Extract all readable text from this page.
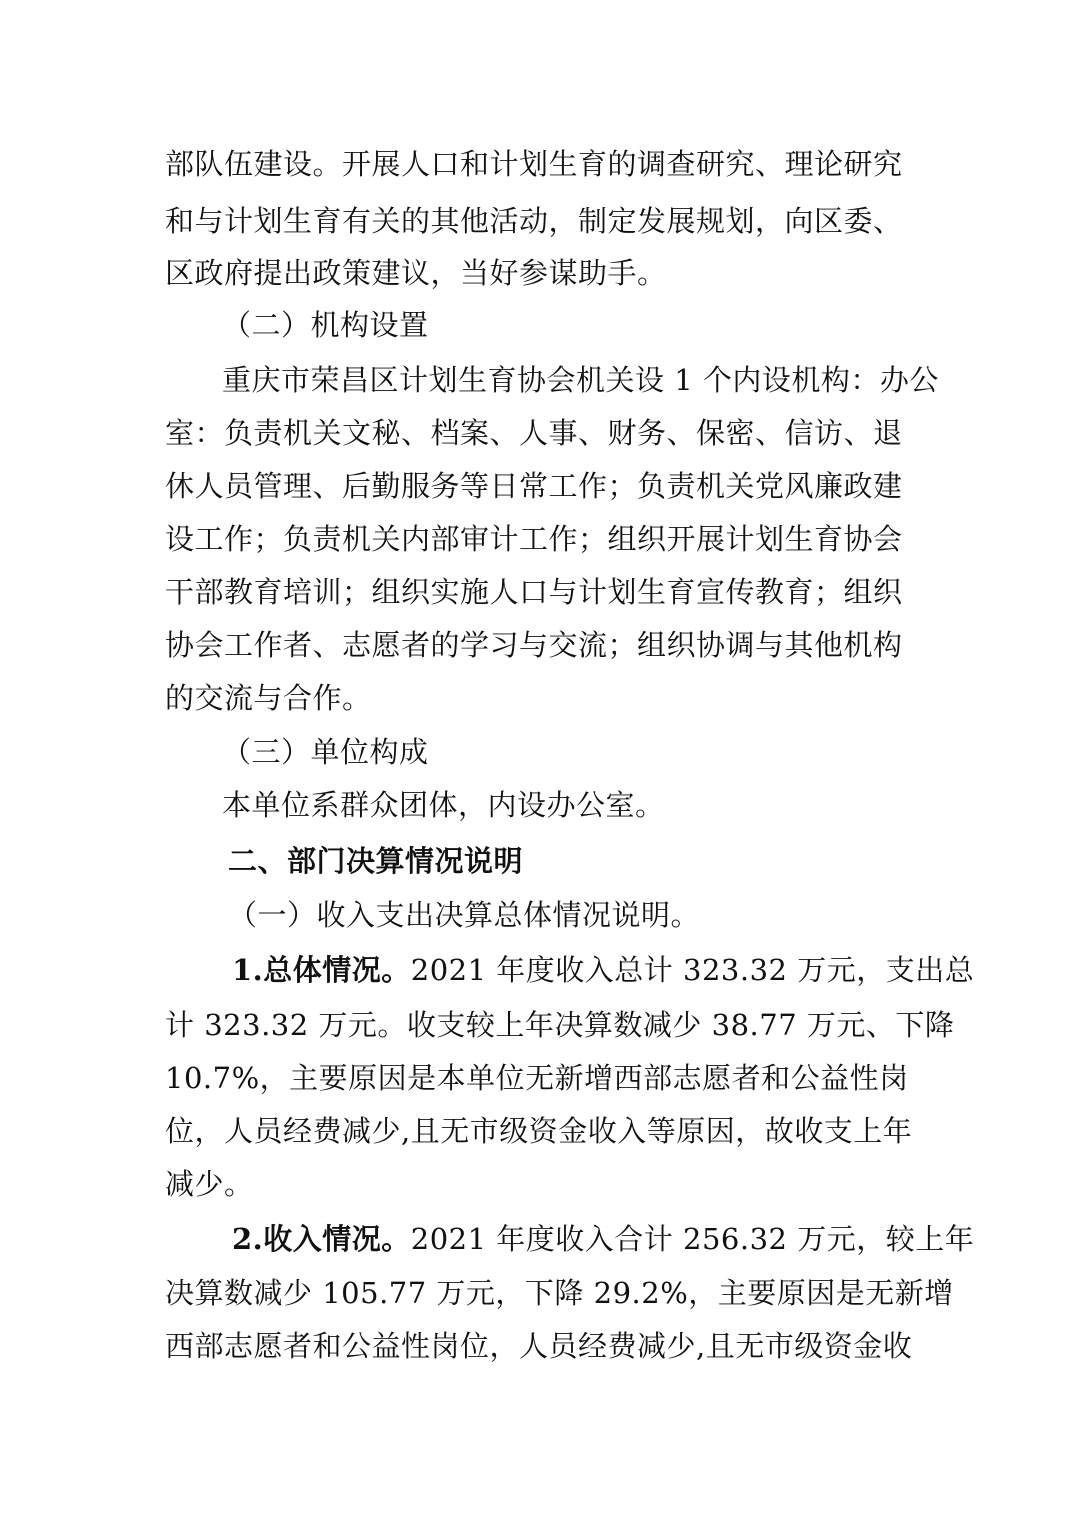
部队伍建设。开展人口和计划生育的调查研究、理论研究
和与计划生育有关的其他活动，制定发展规划，向区委、
区政府提出政策建议，当好参谋助手。
（二）机构设置
重庆市荣昌区计划生育协会机关设 1 个内设机构：办公
室：负责机关文秘、档案、人事、财务、保密、信访、退
休人员管理、后勤服务等日常工作；负责机关党风廉政建
设工作；负责机关内部审计工作；组织开展计划生育协会
干部教育培训；组织实施人口与计划生育宣传教育；组织
协会工作者、志愿者的学习与交流；组织协调与其他机构
的交流与合作。
（三）单位构成
本单位系群众团体，内设办公室。
二、部门决算情况说明
（一）收入支出决算总体情况说明。
1.总体情况。2021 年度收入总计 323.32 万元，支出总
计 323.32 万元。收支较上年决算数减少 38.77 万元、下降
10.7%，主要原因是本单位无新增西部志愿者和公益性岗
位，人员经费减少,且无市级资金收入等原因，故收支上年
减少。
2.收入情况。2021 年度收入合计 256.32 万元，较上年
决算数减少 105.77 万元，下降 29.2%，主要原因是无新增
西部志愿者和公益性岗位，人员经费减少,且无市级资金收
